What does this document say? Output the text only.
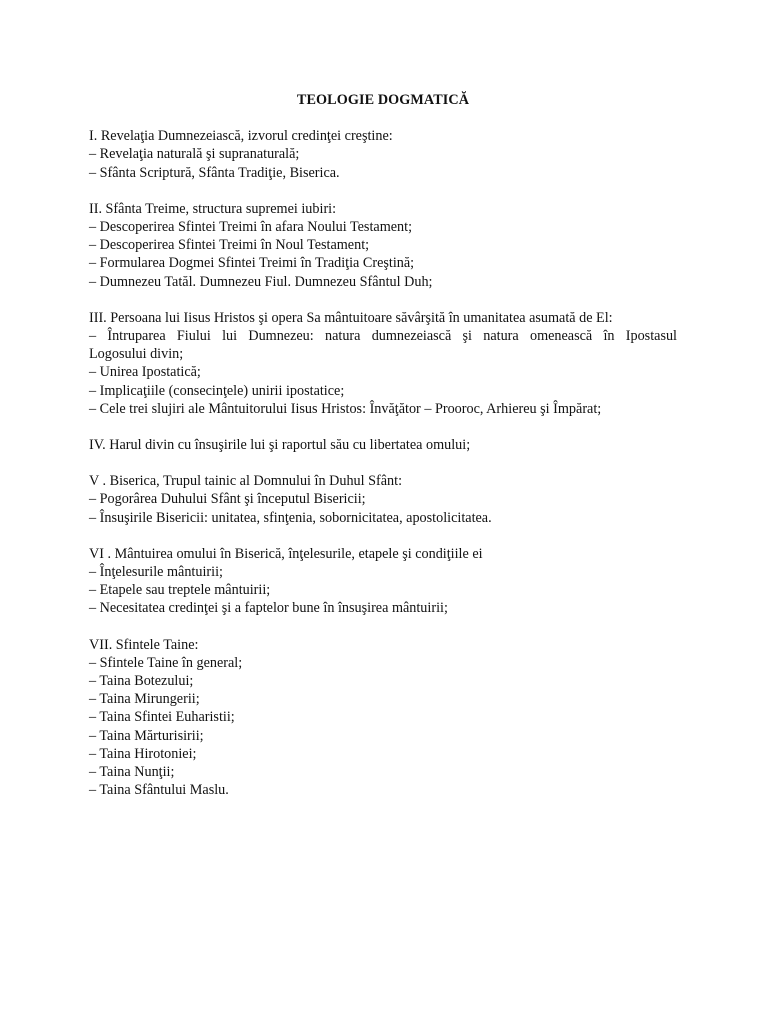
TEOLOGIE DOGMATICĂ
I. Revelaţia Dumnezeiască, izvorul credinţei creştine:
– Revelaţia naturală şi supranaturală;
– Sfânta Scriptură, Sfânta Tradiţie, Biserica.
II. Sfânta Treime, structura supremei iubiri:
– Descoperirea Sfintei Treimi în afara Noului Testament;
– Descoperirea Sfintei Treimi în Noul Testament;
– Formularea Dogmei Sfintei Treimi în Tradiţia Creştină;
– Dumnezeu Tatăl. Dumnezeu Fiul. Dumnezeu Sfântul Duh;
III. Persoana lui Iisus Hristos şi opera Sa mântuitoare săvârşită în umanitatea asumată de El:
– Întruparea Fiului lui Dumnezeu: natura dumnezeiască şi natura omenească în Ipostasul
Logosului divin;
– Unirea Ipostatică;
– Implicaţiile (consecinţele) unirii ipostatice;
– Cele trei slujiri ale Mântuitorului Iisus Hristos: Învăţător – Prooroc, Arhiereu şi Împărat;
IV. Harul divin cu însuşirile lui şi raportul său cu libertatea omului;
V . Biserica, Trupul tainic al Domnului în Duhul Sfânt:
– Pogorârea Duhului Sfânt şi începutul Bisericii;
– Însuşirile Bisericii: unitatea, sfinţenia, sobornicitatea, apostolicitatea.
VI . Mântuirea omului în Biserică, înţelesurile, etapele şi condiţiile ei
– Înţelesurile mântuirii;
– Etapele sau treptele mântuirii;
– Necesitatea credinţei şi a faptelor bune în însuşirea mântuirii;
VII. Sfintele Taine:
– Sfintele Taine în general;
– Taina Botezului;
– Taina Mirungerii;
– Taina Sfintei Euharistii;
– Taina Mărturisirii;
– Taina Hirotoniei;
– Taina Nunţii;
– Taina Sfântului Maslu.
